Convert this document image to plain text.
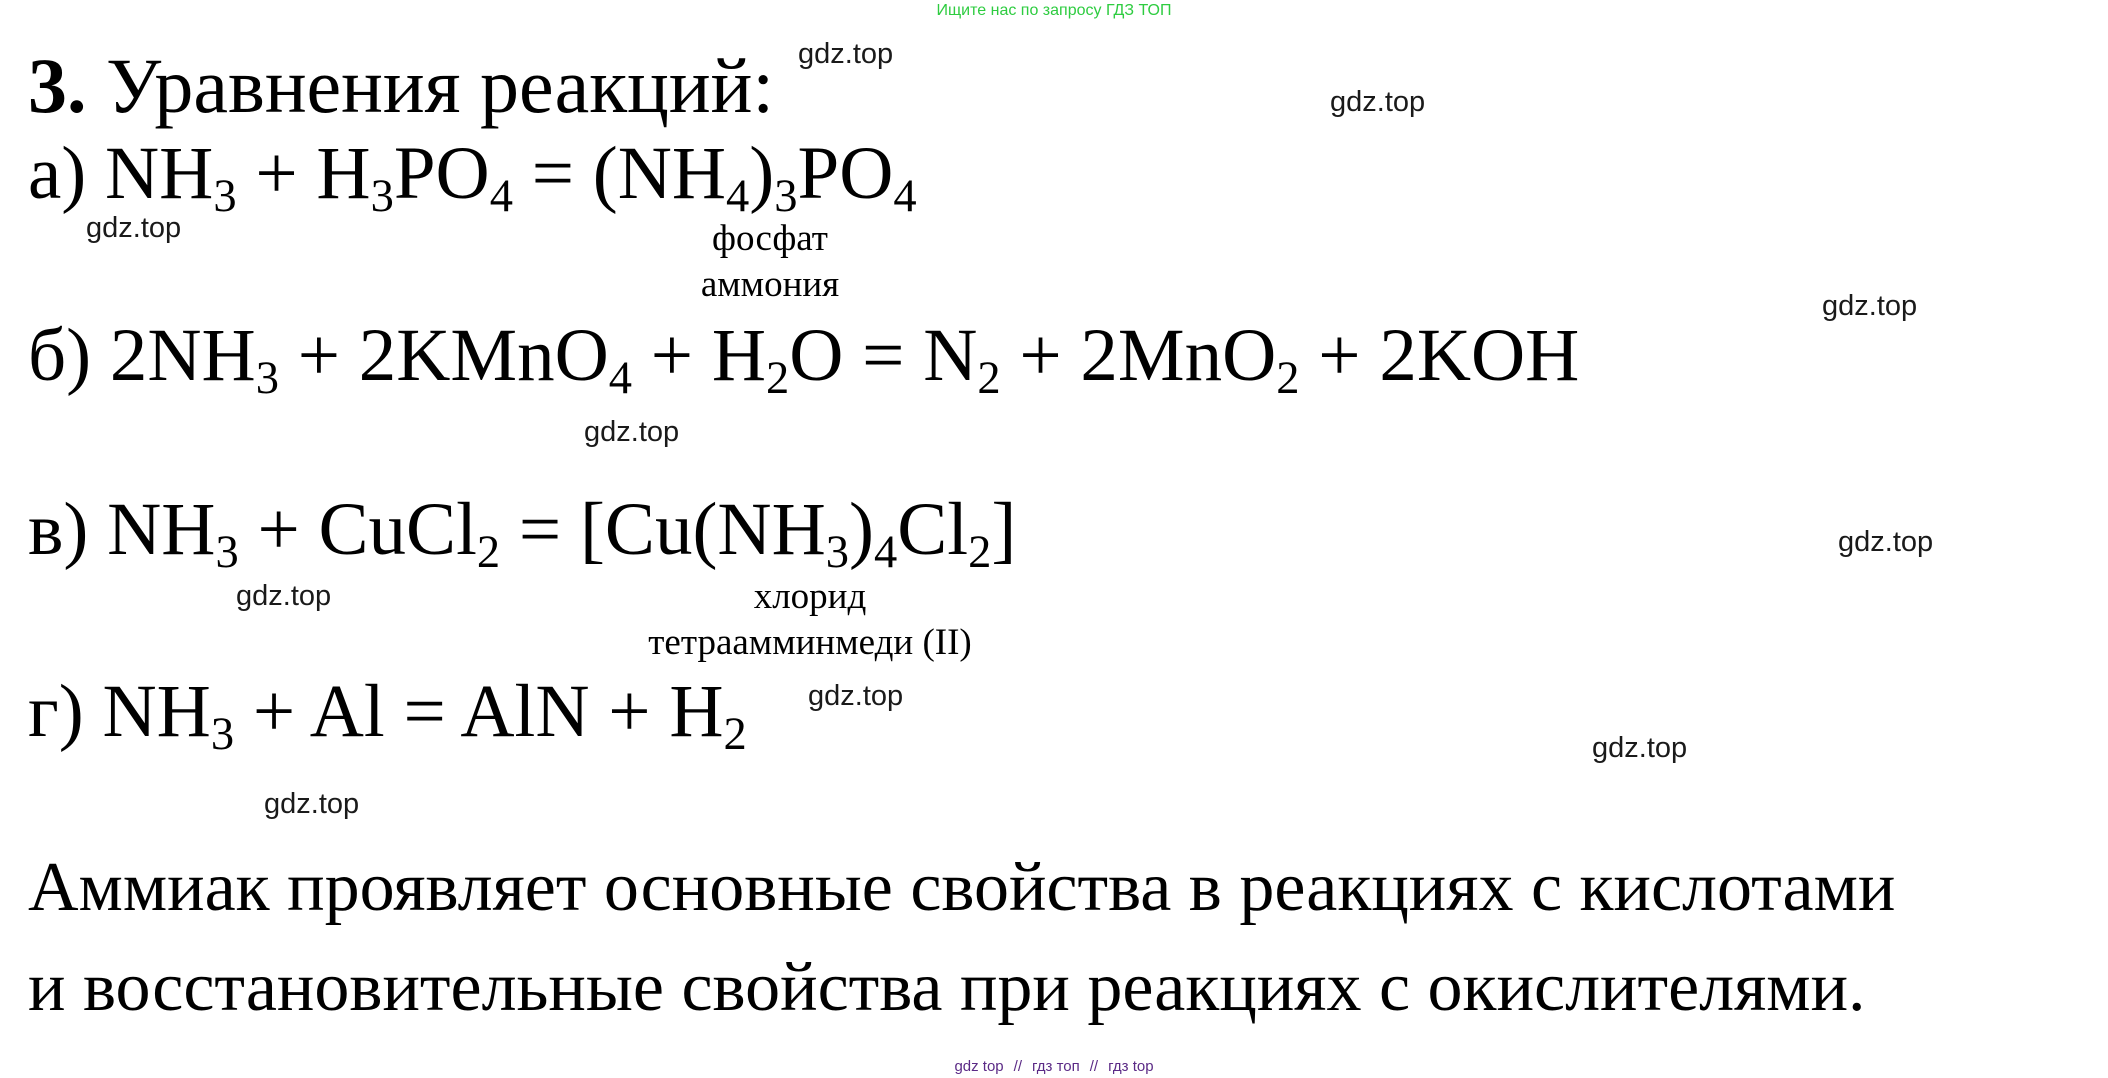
Ищите нас по запросу ГДЗ ТОП
3. Уравнения реакций:
а) $NH_3 + H_3PO_4 = (NH_4)_3PO_4$
фосфат
аммония
б) $2NH_3$ + 2KMnO$_4$ + $H_2O = N_2 + 2MnO_2 + 2KOH$
в) $NH_3$ + CuCl$_2$ = $[Cu(NH_3)_4Cl_2]$
хлорид
тетраамминмеди (II)
г) $NH_3 + Al$ = AlN + $H_2$
Аммиак проявляет основные свойства в реакциях с кислотами
и восстановительные свойства при реакциях с окислителями.
gdz.top
gdz.top
gdz.top
gdz.top
gdz.top
gdz.top
gdz.top
gdz.top
gdz.top
gdz.top
gdz top // гдз топ // гдз top
